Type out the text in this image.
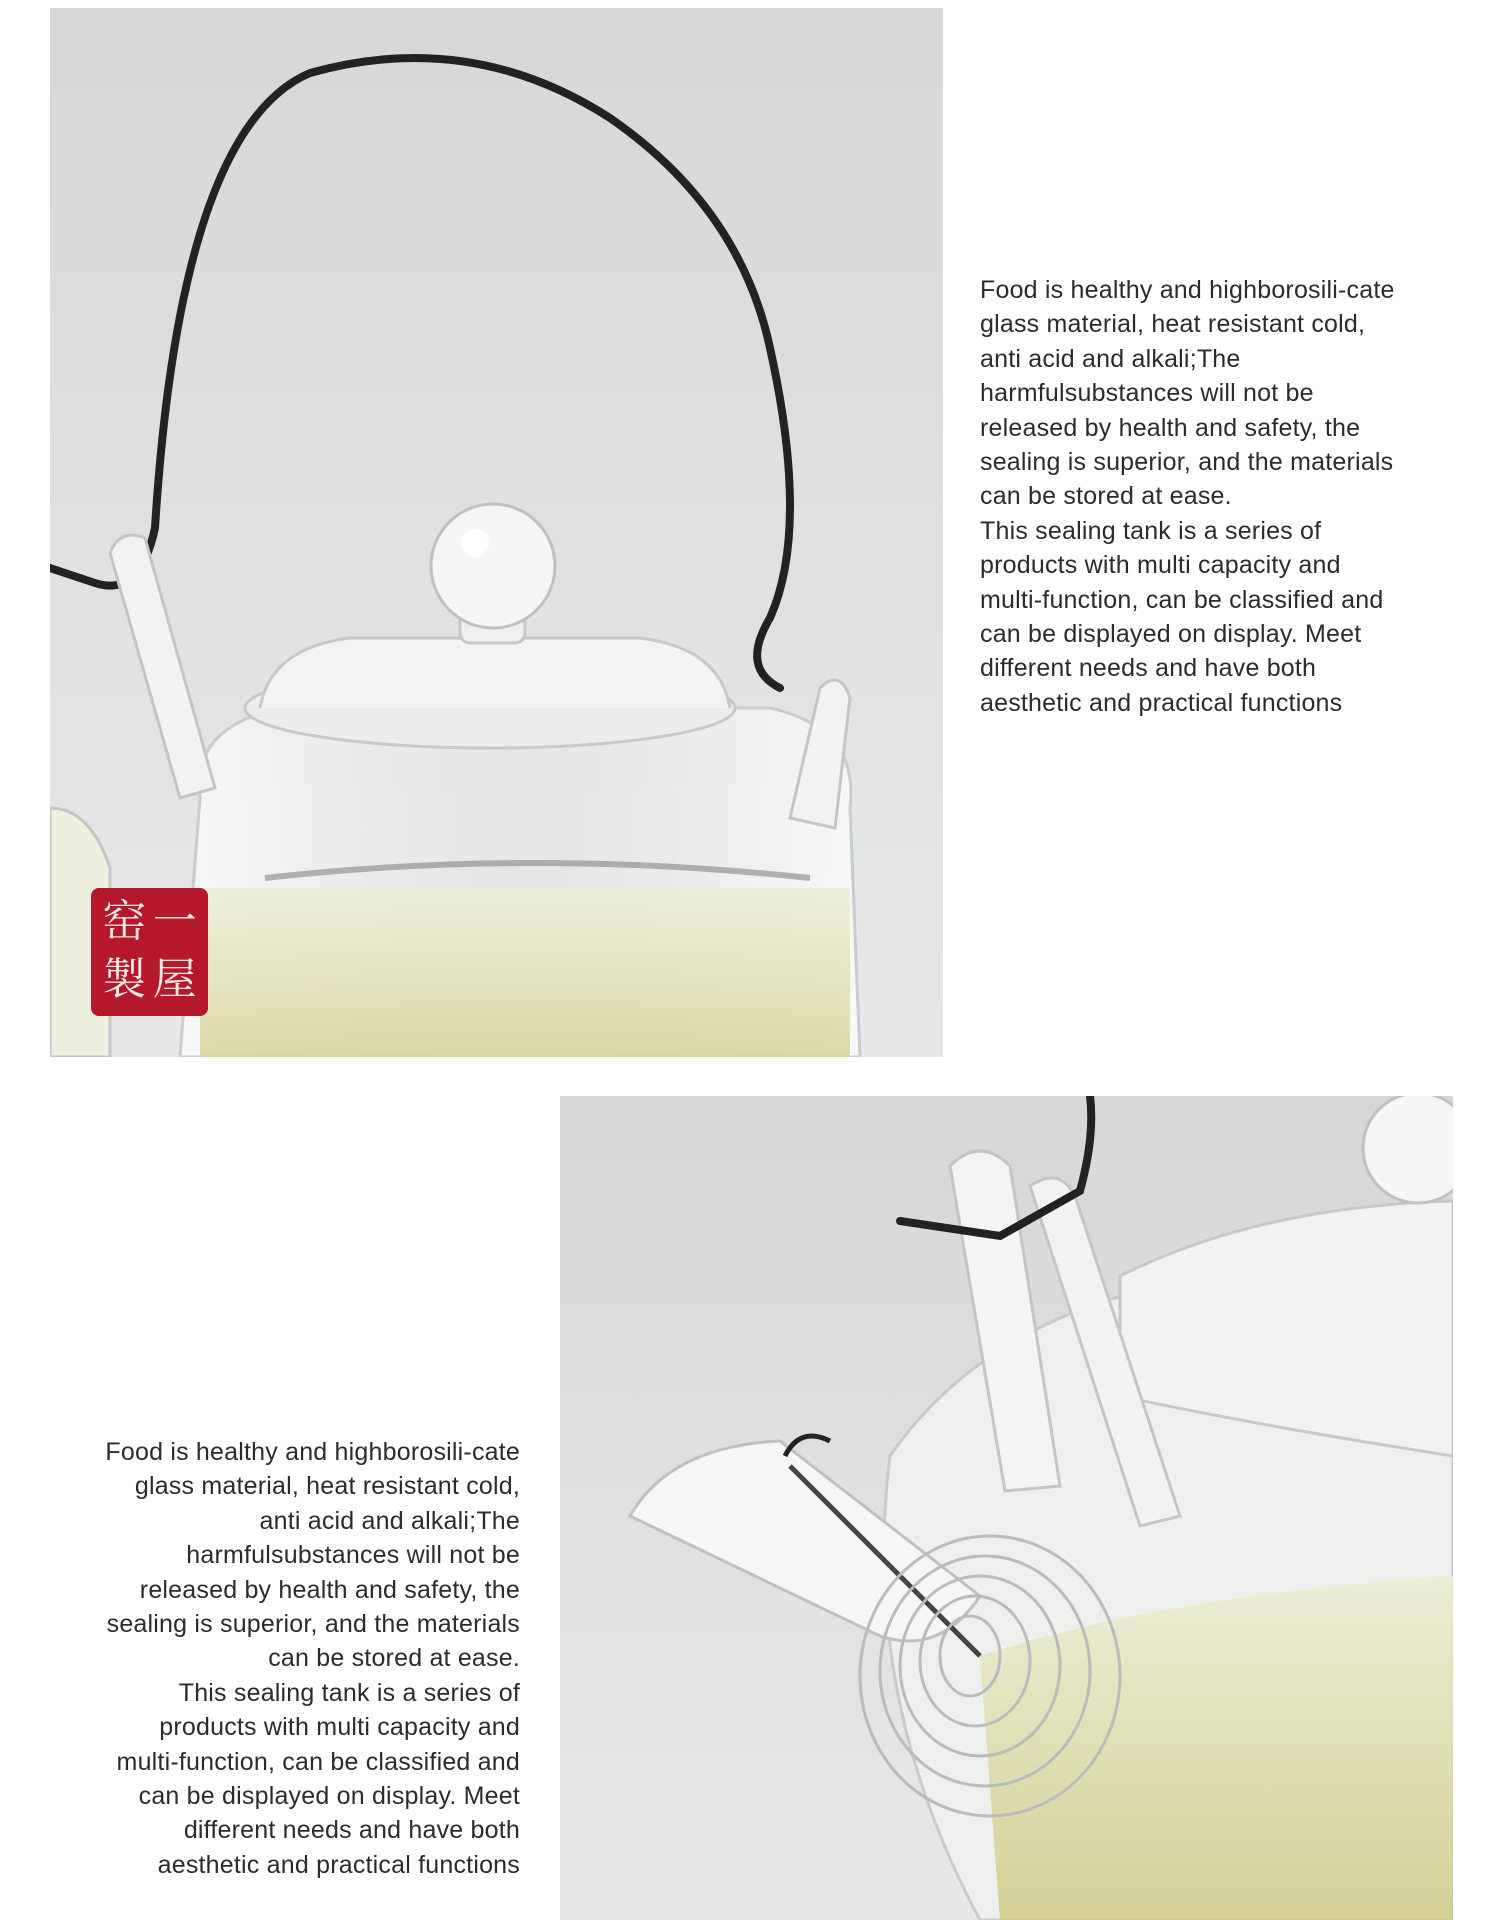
窑 一
製 屋

Food is healthy and highborosili-cate glass material, heat resistant cold, anti acid and alkali;The harmfulsubstances will not be released by health and safety, the sealing is superior, and the materials can be stored at ease.

This sealing tank is a series of products with multi capacity and multi-function, can be classified and can be displayed on display. Meet different needs and have both aesthetic and practical functions

Food is healthy and highborosili-cate glass material, heat resistant cold, anti acid and alkali;The harmfulsubstances will not be released by health and safety, the sealing is superior, and the materials can be stored at ease.

This sealing tank is a series of products with multi capacity and multi-function, can be classified and can be displayed on display. Meet different needs and have both aesthetic and practical functions
